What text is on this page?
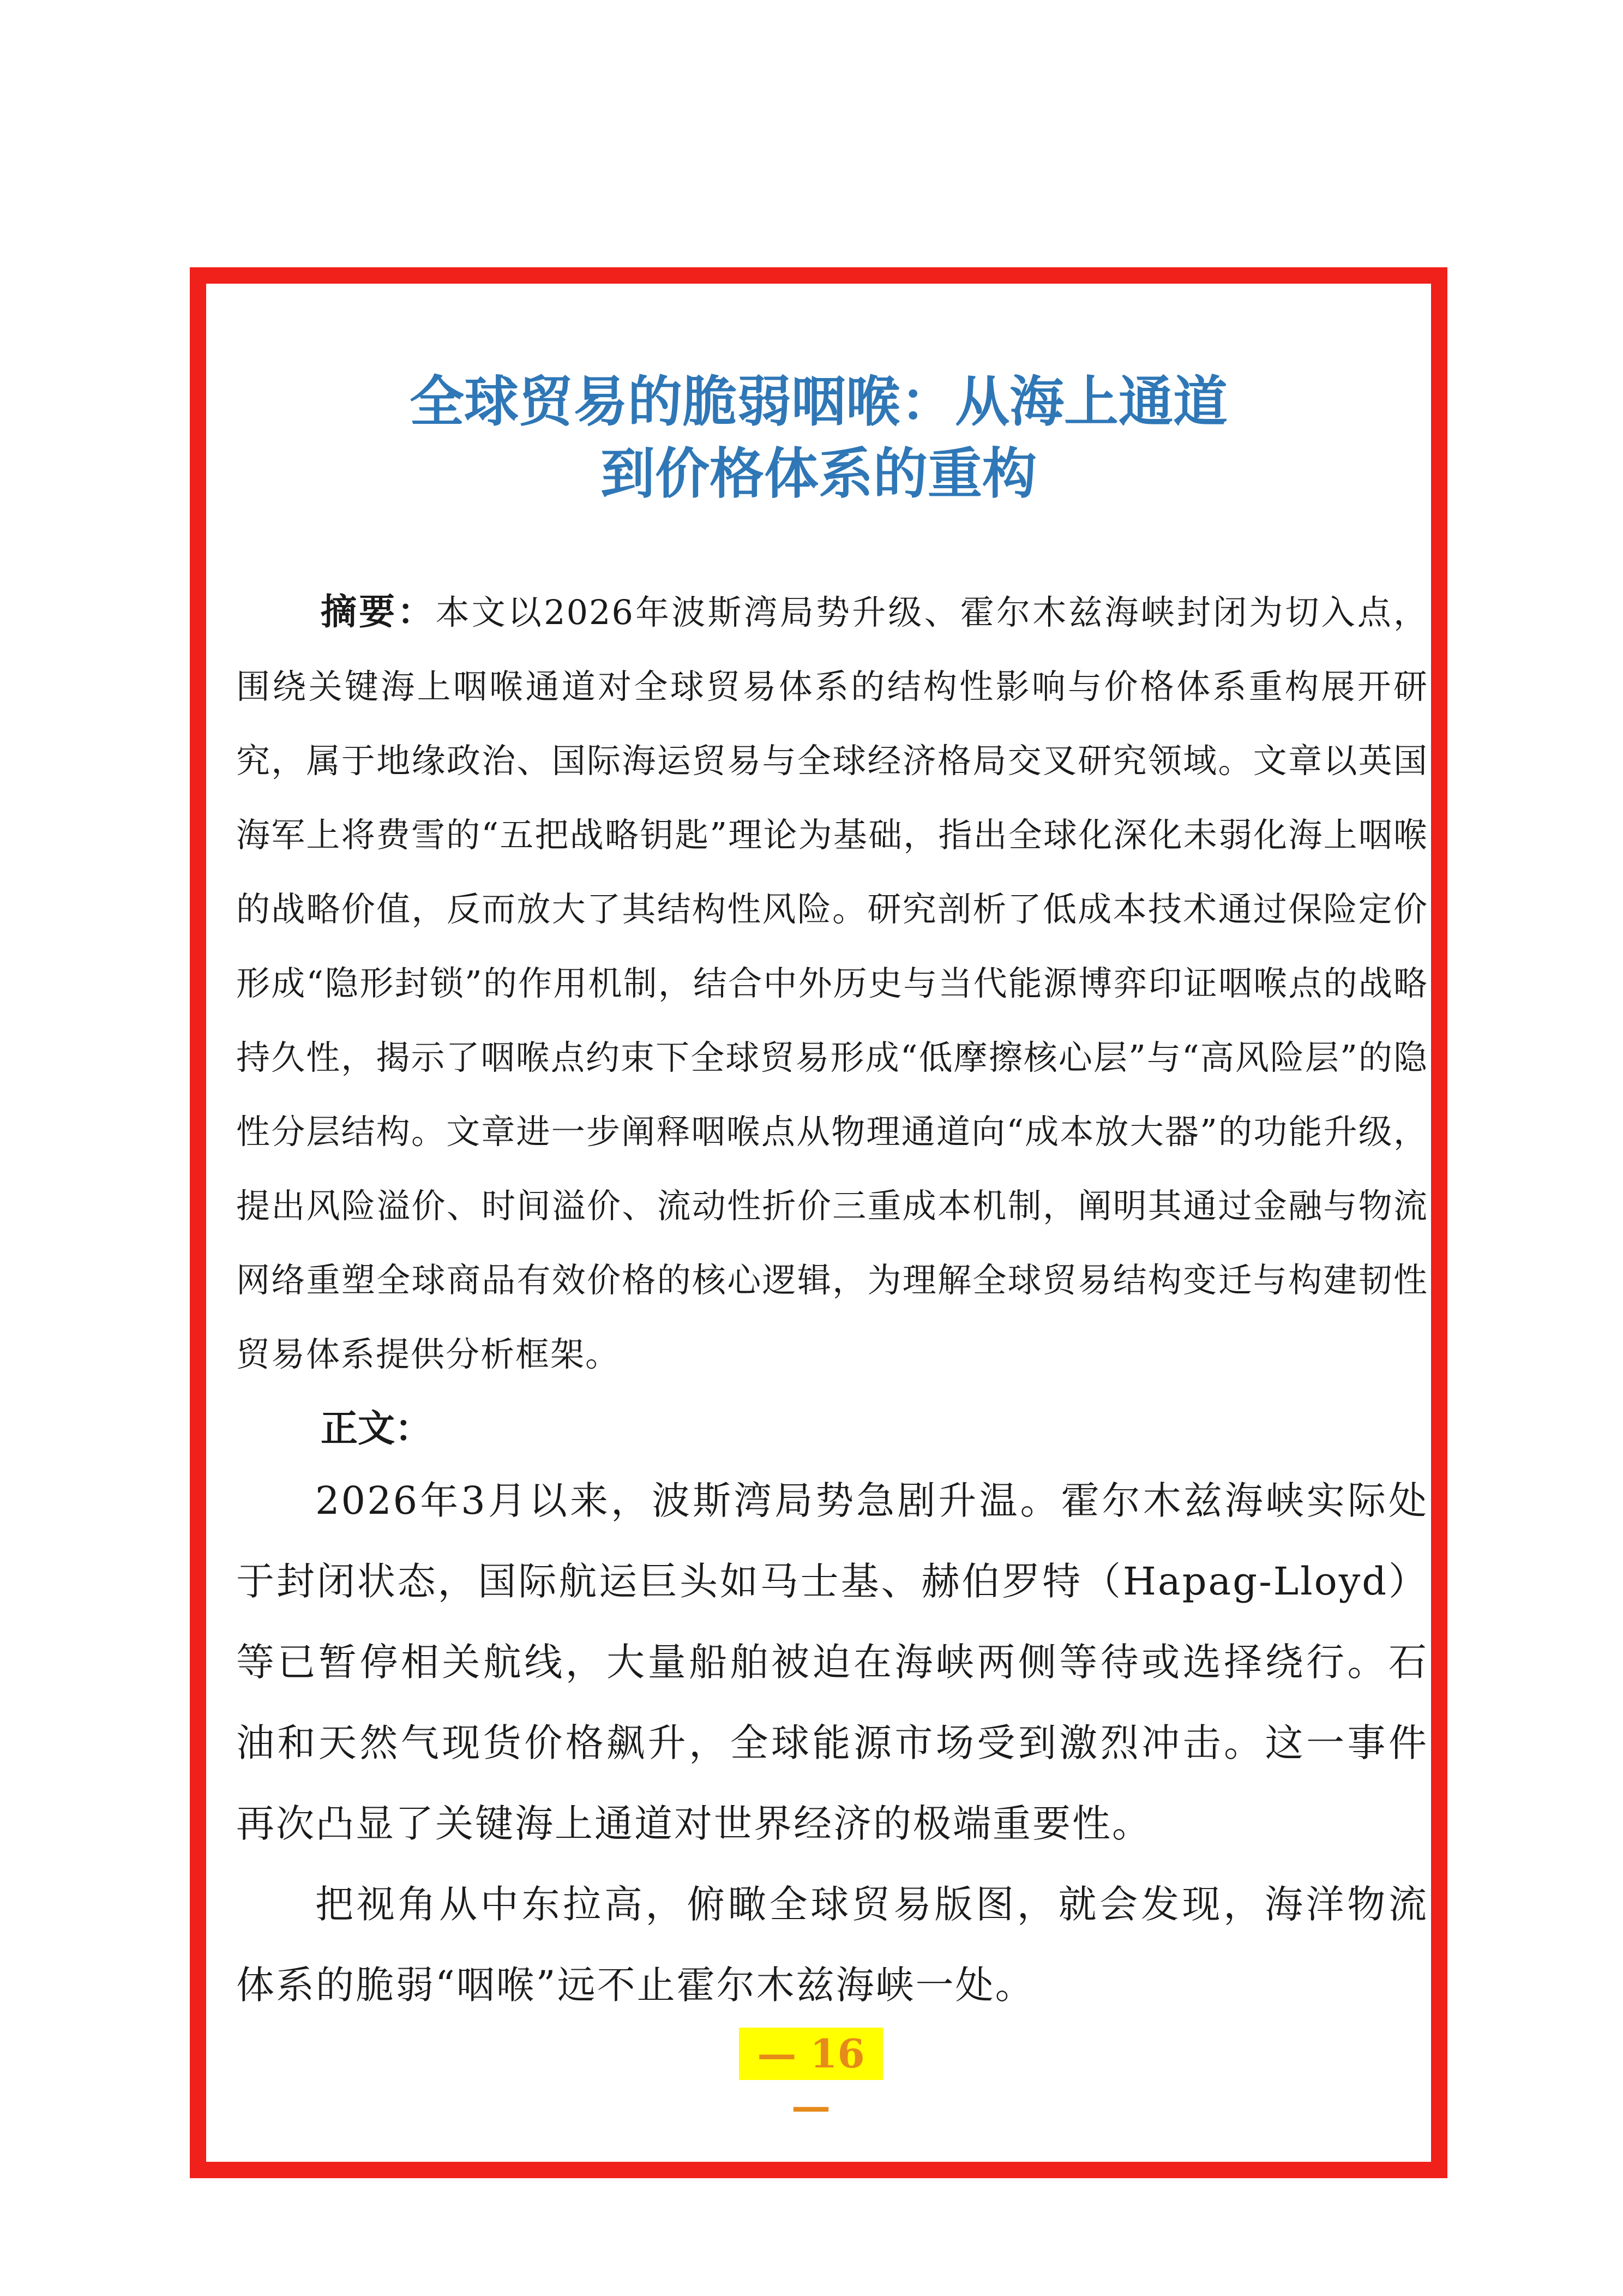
全球贸易的脆弱咽喉：从海上通道
到价格体系的重构

摘要：本文以2026年波斯湾局势升级、霍尔木兹海峡封闭为切入点，围绕关键海上咽喉通道对全球贸易体系的结构性影响与价格体系重构展开研究，属于地缘政治、国际海运贸易与全球经济格局交叉研究领域。文章以英国海军上将费雪的“五把战略钥匙”理论为基础，指出全球化深化未弱化海上咽喉的战略价值，反而放大了其结构性风险。研究剖析了低成本技术通过保险定价形成“隐形封锁”的作用机制，结合中外历史与当代能源博弈印证咽喉点的战略持久性，揭示了咽喉点约束下全球贸易形成“低摩擦核心层”与“高风险层”的隐性分层结构。文章进一步阐释咽喉点从物理通道向“成本放大器”的功能升级，提出风险溢价、时间溢价、流动性折价三重成本机制，阐明其通过金融与物流网络重塑全球商品有效价格的核心逻辑，为理解全球贸易结构变迁与构建韧性贸易体系提供分析框架。

正文：

2026年3月以来，波斯湾局势急剧升温。霍尔木兹海峡实际处于封闭状态，国际航运巨头如马士基、赫伯罗特（Hapag-Lloyd）等已暂停相关航线，大量船舶被迫在海峡两侧等待或选择绕行。石油和天然气现货价格飙升，全球能源市场受到激烈冲击。这一事件再次凸显了关键海上通道对世界经济的极端重要性。

把视角从中东拉高，俯瞰全球贸易版图，就会发现，海洋物流体系的脆弱“咽喉”远不止霍尔木兹海峡一处。

— 16 —
